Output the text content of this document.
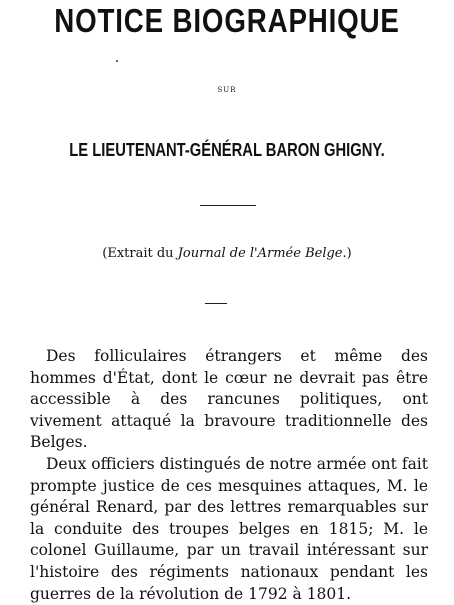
NOTICE BIOGRAPHIQUE
SUR
LE LIEUTENANT-GÉNÉRAL BARON GHIGNY.
(Extrait du Journal de l'Armée Belge.)

Des folliculaires étrangers et même des hommes d'État, dont le cœur ne devrait pas être accessible à des rancunes politiques, ont vivement attaqué la bravoure traditionnelle des Belges.

Deux officiers distingués de notre armée ont fait prompte justice de ces mesquines attaques, M. le général Renard, par des lettres remarquables sur la conduite des troupes belges en 1815; M. le colonel Guillaume, par un travail intéressant sur l'histoire des régiments nationaux pendant les guerres de la révolution de 1792 à 1801.
